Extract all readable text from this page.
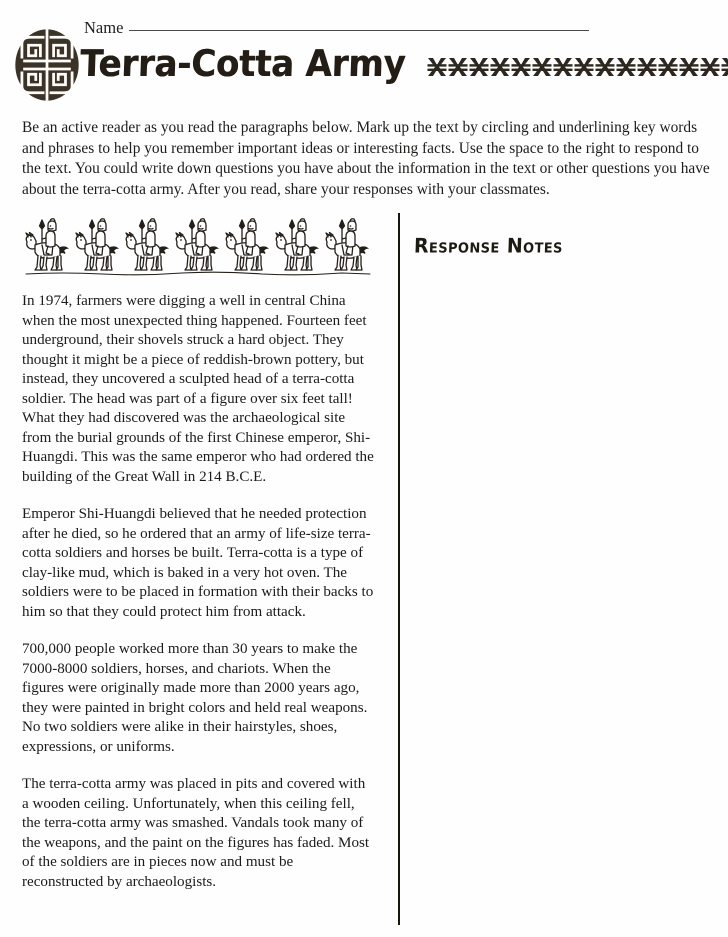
Name
Terra-Cotta Army

Be an active reader as you read the paragraphs below. Mark up the text by circling and underlining key words and phrases to help you remember important ideas or interesting facts. Use the space to the right to respond to the text. You could write down questions you have about the information in the text or other questions you have about the terra-cotta army. After you read, share your responses with your classmates.

In 1974, farmers were digging a well in central China when the most unexpected thing happened. Fourteen feet underground, their shovels struck a hard object. They thought it might be a piece of reddish-brown pottery, but instead, they uncovered a sculpted head of a terra-cotta soldier. The head was part of a figure over six feet tall! What they had discovered was the archaeological site from the burial grounds of the first Chinese emperor, Shi-Huangdi. This was the same emperor who had ordered the building of the Great Wall in 214 B.C.E.

Emperor Shi-Huangdi believed that he needed protection after he died, so he ordered that an army of life-size terra-cotta soldiers and horses be built. Terra-cotta is a type of clay-like mud, which is baked in a very hot oven. The soldiers were to be placed in formation with their backs to him so that they could protect him from attack.

700,000 people worked more than 30 years to make the 7000-8000 soldiers, horses, and chariots. When the figures were originally made more than 2000 years ago, they were painted in bright colors and held real weapons. No two soldiers were alike in their hairstyles, shoes, expressions, or uniforms.

The terra-cotta army was placed in pits and covered with a wooden ceiling. Unfortunately, when this ceiling fell, the terra-cotta army was smashed. Vandals took many of the weapons, and the paint on the figures has faded. Most of the soldiers are in pieces now and must be reconstructed by archaeologists.

Response Notes
